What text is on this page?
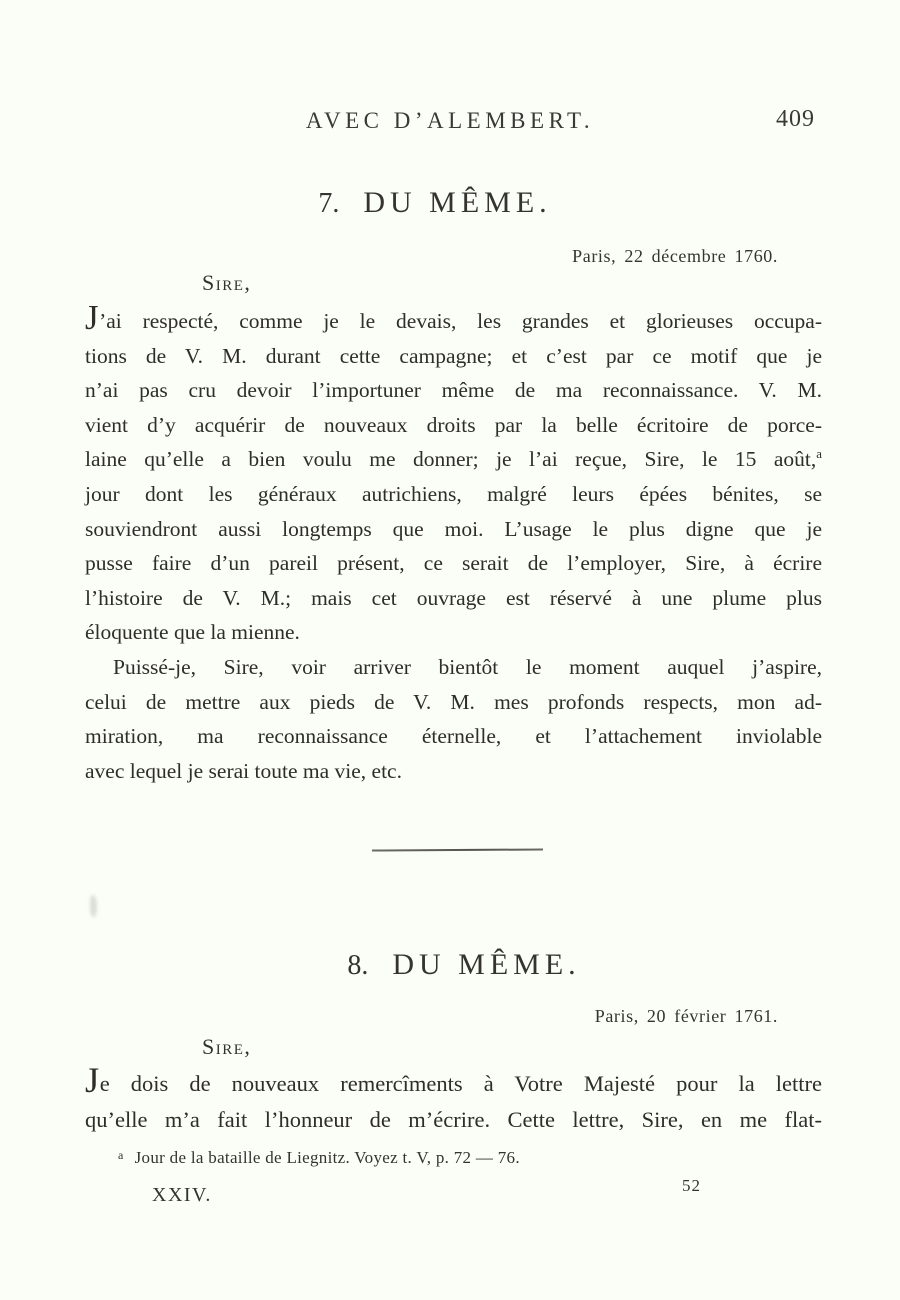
AVEC D’ALEMBERT.	409
7. DU MÊME.
Paris, 22 décembre 1760.
Sire,
J’ai respecté, comme je le devais, les grandes et glorieuses occupa-
tions de V. M. durant cette campagne; et c’est par ce motif que je
n’ai pas cru devoir l’importuner même de ma reconnaissance. V. M.
vient d’y acquérir de nouveaux droits par la belle écritoire de porce-
laine qu’elle a bien voulu me donner; je l’ai reçue, Sire, le 15 août,$^a$
jour dont les généraux autrichiens, malgré leurs épées bénites, se
souviendront aussi longtemps que moi. L’usage le plus digne que je
pusse faire d’un pareil présent, ce serait de l’employer, Sire, à écrire
l’histoire de V. M.; mais cet ouvrage est réservé à une plume plus
éloquente que la mienne.
Puissé-je, Sire, voir arriver bientôt le moment auquel j’aspire,
celui de mettre aux pieds de V. M. mes profonds respects, mon ad-
miration, ma reconnaissance éternelle, et l’attachement inviolable
avec lequel je serai toute ma vie, etc.
8. DU MÊME.
Paris, 20 février 1761.
Sire,
Je dois de nouveaux remercîments à Votre Majesté pour la lettre
qu’elle m’a fait l’honneur de m’écrire. Cette lettre, Sire, en me flat-
$^a$ Jour de la bataille de Liegnitz. Voyez t. V, p. 72 — 76.
XXIV.	52
